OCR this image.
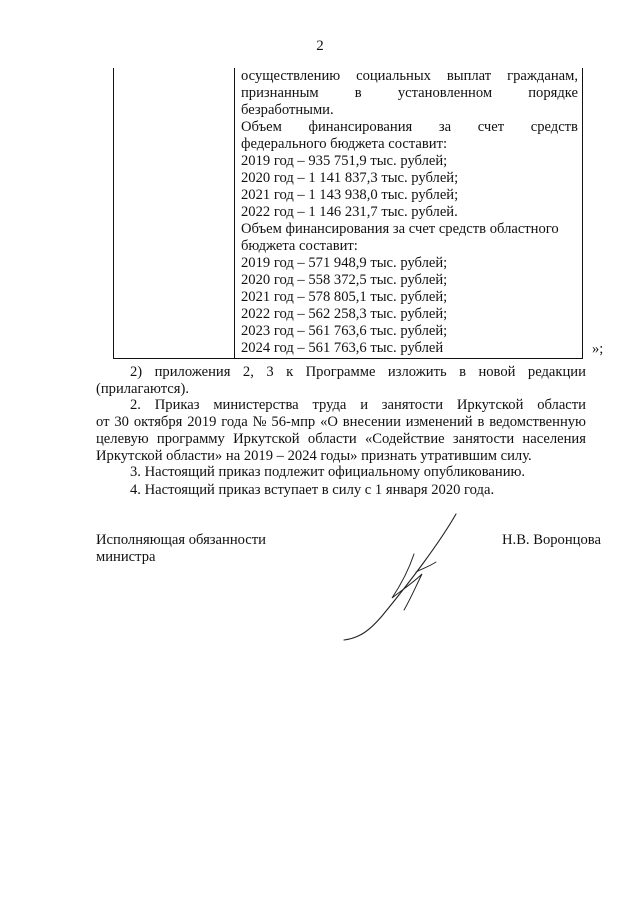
2
осуществлению социальных выплат гражданам,
признанным в установленном порядке
безработными.
Объем финансирования за счет средств
федерального бюджета составит:
2019 год – 935 751,9 тыс. рублей;
2020 год – 1 141 837,3 тыс. рублей;
2021 год – 1 143 938,0 тыс. рублей;
2022 год – 1 146 231,7 тыс. рублей.
Объем финансирования за счет средств областного
бюджета составит:
2019 год – 571 948,9 тыс. рублей;
2020 год – 558 372,5 тыс. рублей;
2021 год – 578 805,1 тыс. рублей;
2022 год – 562 258,3 тыс. рублей;
2023 год – 561 763,6 тыс. рублей;
2024 год – 561 763,6 тыс. рублей	»;
2) приложения 2, 3 к Программе изложить в новой редакции
(прилагаются).
2. Приказ министерства труда и занятости Иркутской области
от 30 октября 2019 года № 56-мпр «О внесении изменений в ведомственную
целевую программу Иркутской области «Содействие занятости населения
Иркутской области» на 2019 – 2024 годы» признать утратившим силу.
3. Настоящий приказ подлежит официальному опубликованию.
4. Настоящий приказ вступает в силу с 1 января 2020 года.
Исполняющая обязанности
министра
Н.В. Воронцова
